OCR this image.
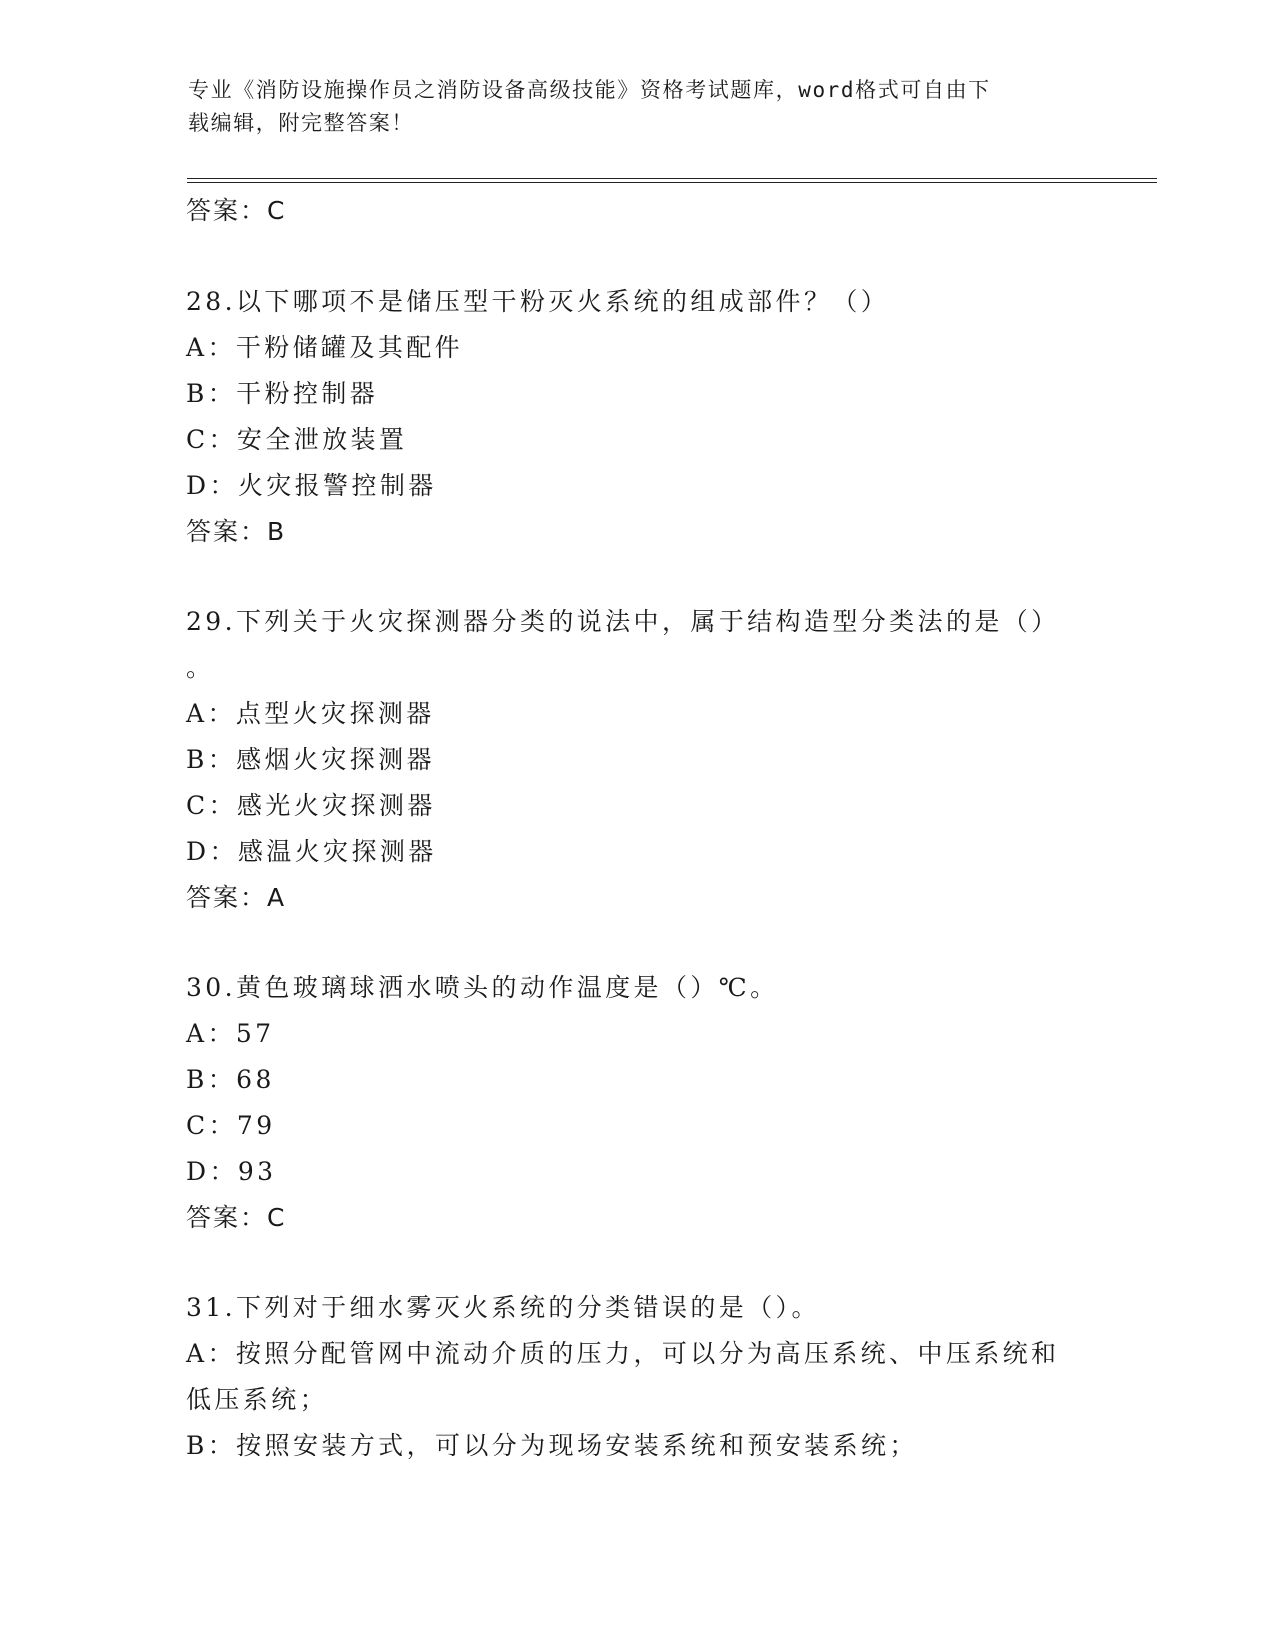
专业《消防设施操作员之消防设备高级技能》资格考试题库，word格式可自由下
载编辑，附完整答案！
答案：C
28.以下哪项不是储压型干粉灭火系统的组成部件？（）
A：干粉储罐及其配件
B：干粉控制器
C：安全泄放装置
D：火灾报警控制器
答案：B
29.下列关于火灾探测器分类的说法中，属于结构造型分类法的是（）
。
A：点型火灾探测器
B：感烟火灾探测器
C：感光火灾探测器
D：感温火灾探测器
答案：A
30.黄色玻璃球洒水喷头的动作温度是（）℃。
A：57
B：68
C：79
D：93
答案：C
31.下列对于细水雾灭火系统的分类错误的是（）。
A：按照分配管网中流动介质的压力，可以分为高压系统、中压系统和
低压系统；
B：按照安装方式，可以分为现场安装系统和预安装系统；
